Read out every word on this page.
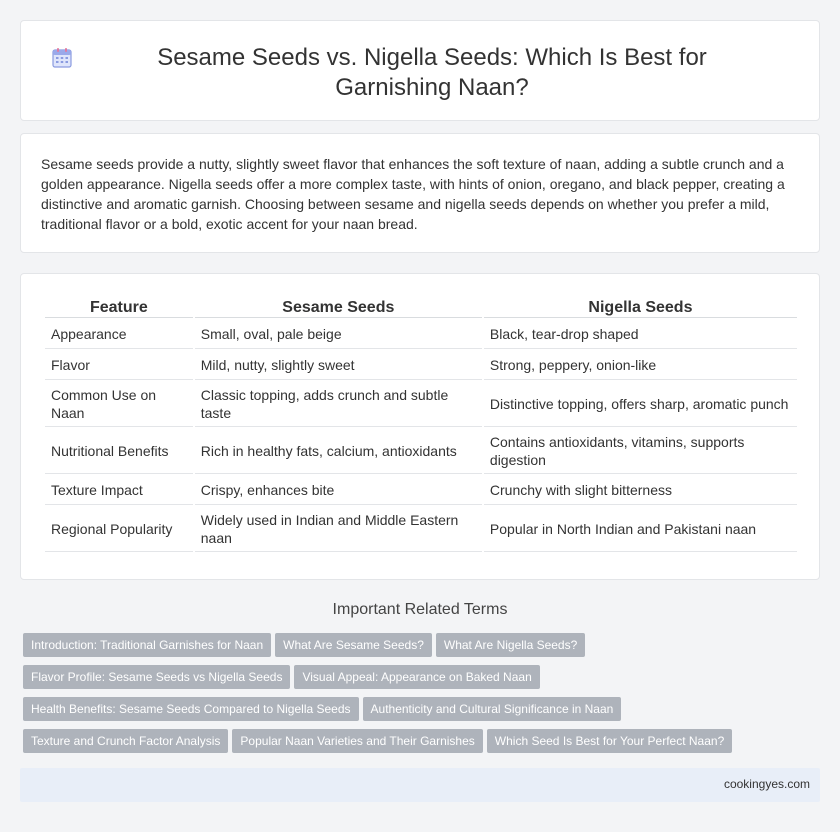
Sesame Seeds vs. Nigella Seeds: Which Is Best for Garnishing Naan?

Sesame seeds provide a nutty, slightly sweet flavor that enhances the soft texture of naan, adding a subtle crunch and a golden appearance. Nigella seeds offer a more complex taste, with hints of onion, oregano, and black pepper, creating a distinctive and aromatic garnish. Choosing between sesame and nigella seeds depends on whether you prefer a mild, traditional flavor or a bold, exotic accent for your naan bread.

Feature	Sesame Seeds	Nigella Seeds
Appearance	Small, oval, pale beige	Black, tear-drop shaped
Flavor	Mild, nutty, slightly sweet	Strong, peppery, onion-like
Common Use on Naan	Classic topping, adds crunch and subtle taste	Distinctive topping, offers sharp, aromatic punch
Nutritional Benefits	Rich in healthy fats, calcium, antioxidants	Contains antioxidants, vitamins, supports digestion
Texture Impact	Crispy, enhances bite	Crunchy with slight bitterness
Regional Popularity	Widely used in Indian and Middle Eastern naan	Popular in North Indian and Pakistani naan
Important Related Terms
Introduction: Traditional Garnishes for Naan What Are Sesame Seeds? What Are Nigella Seeds?
Flavor Profile: Sesame Seeds vs Nigella Seeds Visual Appeal: Appearance on Baked Naan
Health Benefits: Sesame Seeds Compared to Nigella Seeds Authenticity and Cultural Significance in Naan
Texture and Crunch Factor Analysis Popular Naan Varieties and Their Garnishes Which Seed Is Best for Your Perfect Naan?
cookingyes.com
